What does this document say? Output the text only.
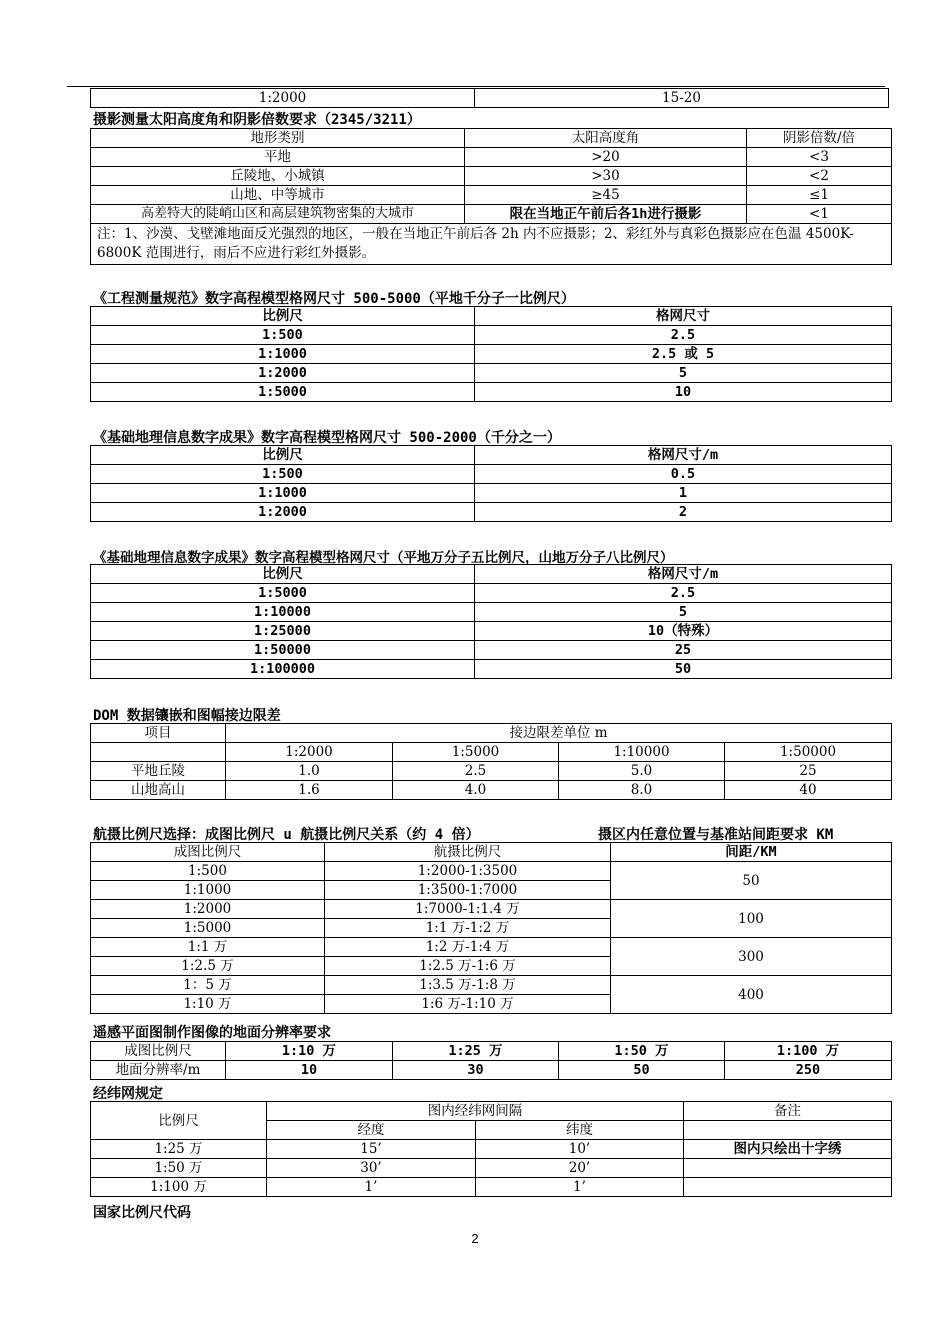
1:2000	15-20
摄影测量太阳高度角和阴影倍数要求（2345/3211）
地形类别	太阳高度角	阴影倍数/倍
平地	>20	<3
丘陵地、小城镇	>30	<2
山地、中等城市	≥45	≤1
高差特大的陡峭山区和高层建筑物密集的大城市	限在当地正午前后各1h进行摄影	<1
注：1、沙漠、戈壁滩地面反光强烈的地区，一般在当地正午前后各 2h 内不应摄影；2、彩红外与真彩色摄影应在色温 4500K-6800K 范围进行，雨后不应进行彩红外摄影。		
《工程测量规范》数字高程模型格网尺寸 500-5000（平地千分子一比例尺）
比例尺	格网尺寸
1:500	2.5
1:1000	2.5 或 5
1:2000	5
1:5000	10
《基础地理信息数字成果》数字高程模型格网尺寸 500-2000（千分之一）
比例尺	格网尺寸/m
1:500	0.5
1:1000	1
1:2000	2
《基础地理信息数字成果》数字高程模型格网尺寸（平地万分子五比例尺，山地万分子八比例尺）
比例尺	格网尺寸/m
1:5000	2.5
1:10000	5
1:25000	10（特殊）
1:50000	25
1:100000	50
DOM 数据镶嵌和图幅接边限差
项目	接边限差单位 m			
	1:2000	1:5000	1:10000	1:50000
平地丘陵	1.0	2.5	5.0	25
山地高山	1.6	4.0	8.0	40
航摄比例尺选择：成图比例尺 u 航摄比例尺关系（约 4 倍）	摄区内任意位置与基准站间距要求 KM
成图比例尺	航摄比例尺	间距/KM
1:500	1:2000-1:3500	50
1:1000	1:3500-1:7000	
1:2000	1:7000-1:1.4 万	100
1:5000	1:1 万-1:2 万	
1:1 万	1:2 万-1:4 万	300
1:2.5 万	1:2.5 万-1:6 万	
1：5 万	1:3.5 万-1:8 万	400
1:10 万	1:6 万-1:10 万	
遥感平面图制作图像的地面分辨率要求
成图比例尺	1:10 万	1:25 万	1:50 万	1:100 万
地面分辨率/m	10	30	50	250
经纬网规定
比例尺	图内经纬网间隔		备注
	经度	纬度	
1:25 万	15’	10’	图内只绘出十字绣
1:50 万	30’	20’	
1:100 万	1’	1’	
国家比例尺代码
2
